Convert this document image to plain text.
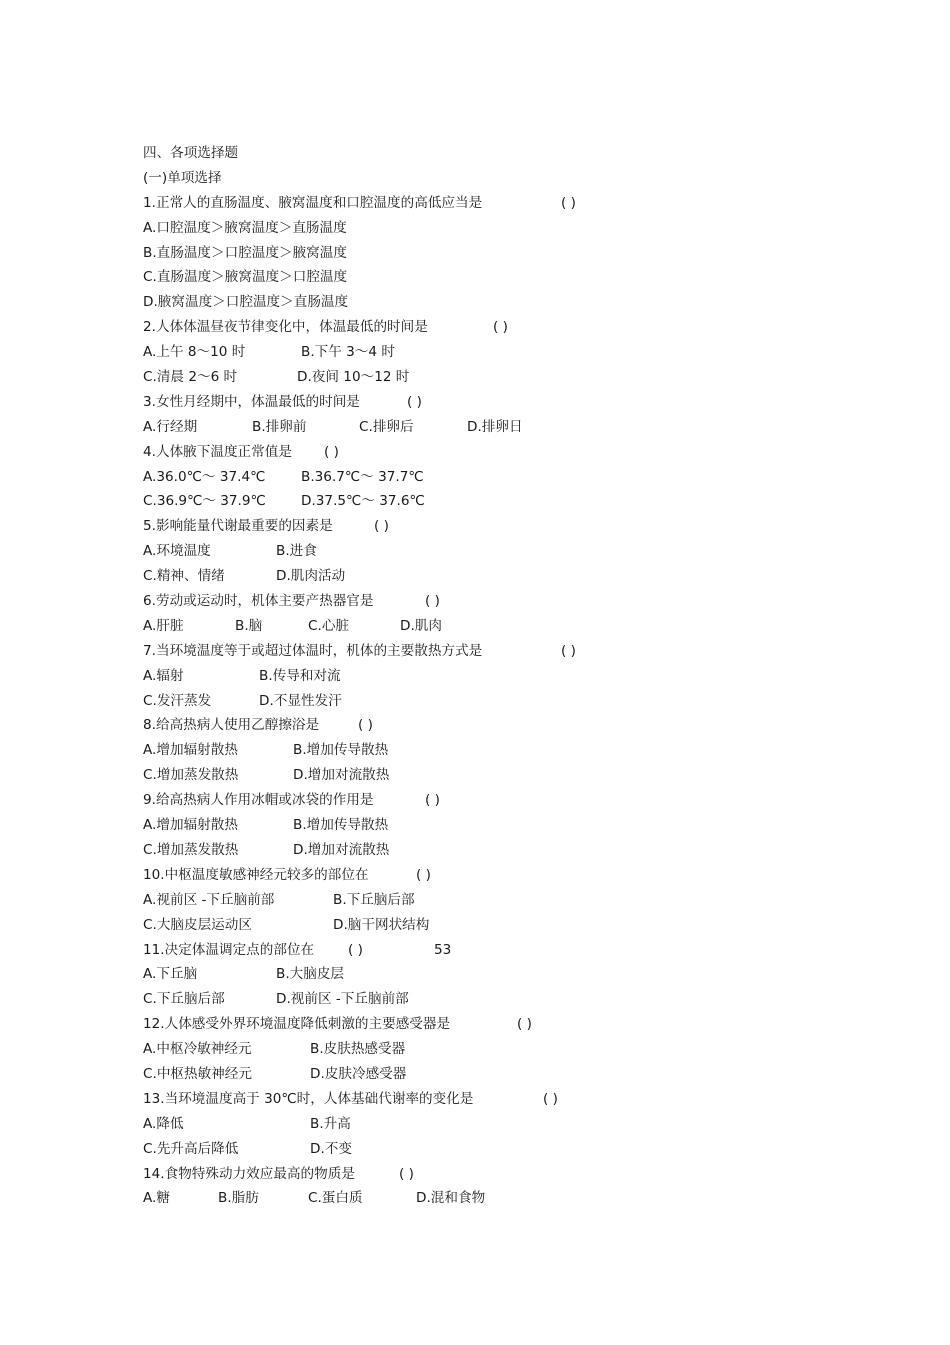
四、各项选择题
(一)单项选择
1.正常人的直肠温度、腋窝温度和口腔温度的高低应当是	( )
A.口腔温度＞腋窝温度＞直肠温度
B.直肠温度＞口腔温度＞腋窝温度
C.直肠温度＞腋窝温度＞口腔温度
D.腋窝温度＞口腔温度＞直肠温度
2.人体体温昼夜节律变化中，体温最低的时间是	( )
A.上午 8～10 时	B.下午 3～4 时
C.清晨 2～6 时	D.夜间 10～12 时
3.女性月经期中，体温最低的时间是	( )
A.行经期	B.排卵前	C.排卵后	D.排卵日
4.人体腋下温度正常值是 ( )
A.36.0℃～ 37.4℃	B.36.7℃～ 37.7℃
C.36.9℃～ 37.9℃	D.37.5℃～ 37.6℃
5.影响能量代谢最重要的因素是	( )
A.环境温度	B.进食
C.精神、情绪	D.肌肉活动
6.劳动或运动时，机体主要产热器官是	( )
A.肝脏	B.脑	C.心脏	D.肌肉
7.当环境温度等于或超过体温时，机体的主要散热方式是	( )
A.辐射	B.传导和对流
C.发汗蒸发	D.不显性发汗
8.给高热病人使用乙醇擦浴是	( )
A.增加辐射散热	B.增加传导散热
C.增加蒸发散热	D.增加对流散热
9.给高热病人作用冰帽或冰袋的作用是	( )
A.增加辐射散热	B.增加传导散热
C.增加蒸发散热	D.增加对流散热
10.中枢温度敏感神经元较多的部位在	( )
A.视前区 -下丘脑前部	B.下丘脑后部
C.大脑皮层运动区	D.脑干网状结构
11.决定体温调定点的部位在 ( )	53
A.下丘脑	B.大脑皮层
C.下丘脑后部	D.视前区 -下丘脑前部
12.人体感受外界环境温度降低刺激的主要感受器是	( )
A.中枢冷敏神经元	B.皮肤热感受器
C.中枢热敏神经元	D.皮肤冷感受器
13.当环境温度高于 30℃时，人体基础代谢率的变化是	( )
A.降低	B.升高
C.先升高后降低	D.不变
14.食物特殊动力效应最高的物质是	( )
A.糖	B.脂肪	C.蛋白质	D.混和食物
